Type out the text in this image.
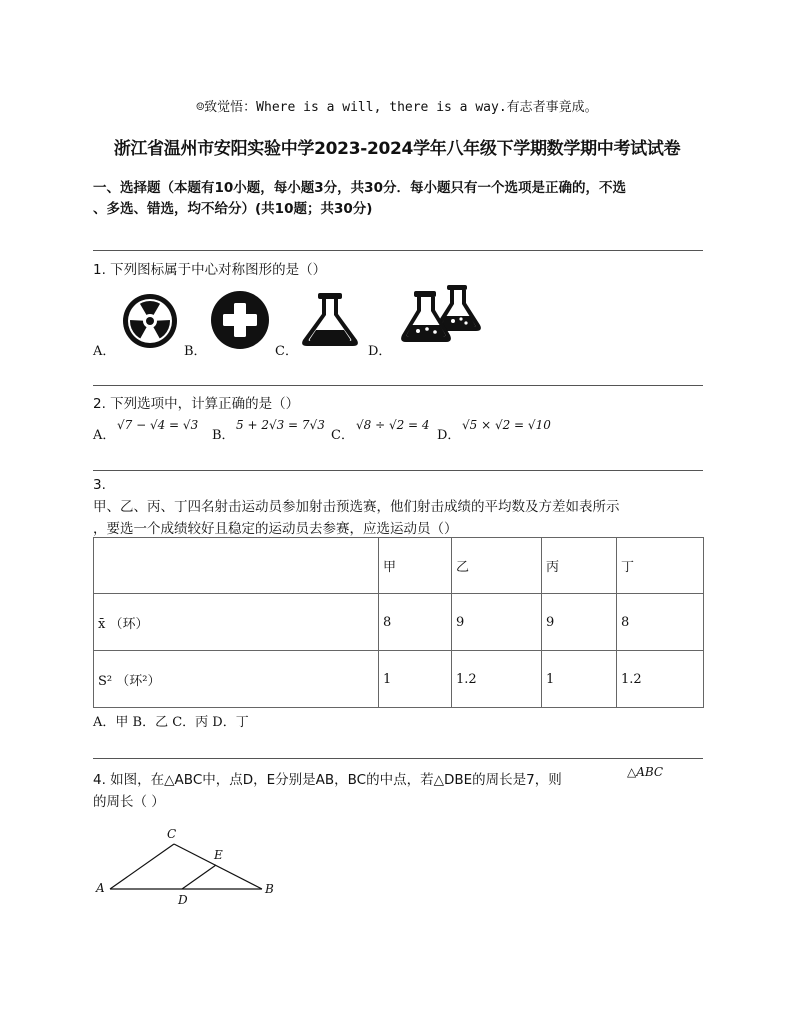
☺致觉悟：Where is a will, there is a way.有志者事竟成。
浙江省温州市安阳实验中学2023-2024学年八年级下学期数学期中考试试卷
一、选择题（本题有10小题，每小题3分，共30分．每小题只有一个选项是正确的，不选
、多选、错选，均不给分）(共10题；共30分)
1. 下列图标属于中心对称图形的是（）
A．	B．	C．	D．
2. 下列选项中，计算正确的是（）
A．
√7 − √4 = √3
B．
5 + 2√3 = 7√3
C．
√8 ÷ √2 = 4
D．
√5 × √2 = √10
3.
甲、乙、丙、丁四名射击运动员参加射击预选赛，他们射击成绩的平均数及方差如表所示
，要选一个成绩较好且稳定的运动员去参赛，应选运动员（）
	甲	乙	丙	丁
x̄ （环）	8	9	9	8
S² （环²）	1	1.2	1	1.2
A．甲 B．乙 C．丙 D．丁
4. 如图，在△ABC中，点D，E分别是AB，BC的中点，若△DBE的周长是7，则	△ABC
的周长（ ）
A	B
C
D
E
